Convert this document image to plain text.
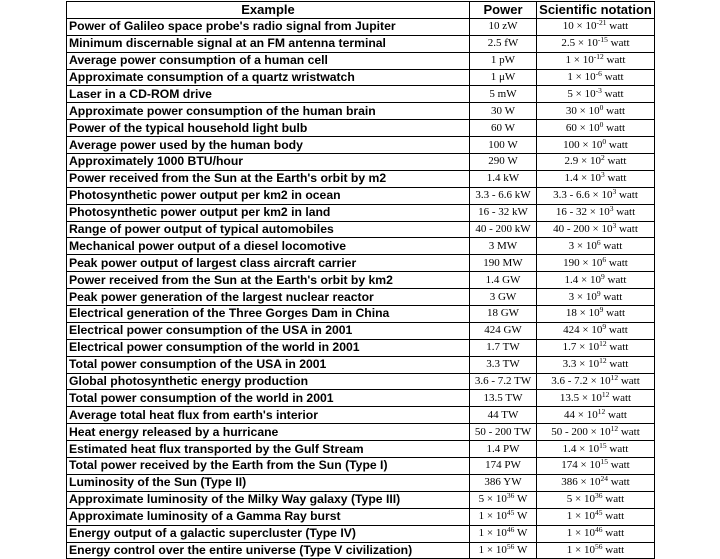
Example	Power	Scientific notation
Power of Galileo space probe's radio signal from Jupiter	10 zW	$10 \times 10^{-21}$ watt
Minimum discernable signal at an FM antenna terminal	2.5 fW	$2.5 \times 10^{-15}$ watt
Average power consumption of a human cell	1 pW	$1 \times 10^{-12}$ watt
Approximate consumption of a quartz wristwatch	1 μW	$1 \times 10^{-6}$ watt
Laser in a CD-ROM drive	5 mW	$5 \times 10^{-3}$ watt
Approximate power consumption of the human brain	30 W	$30 \times 10^0$ watt
Power of the typical household light bulb	60 W	$60 \times 10^0$ watt
Average power used by the human body	100 W	$100 \times 10^0$ watt
Approximately 1000 BTU/hour	290 W	$2.9 \times 10^2$ watt
Power received from the Sun at the Earth's orbit by m2	1.4 kW	$1.4 \times 10^3$ watt
Photosynthetic power output per km2 in ocean	3.3 - 6.6 kW	$3.3 - 6.6 \times 10^3$ watt
Photosynthetic power output per km2 in land	16 - 32 kW	$16 - 32 \times 10^3$ watt
Range of power output of typical automobiles	40 - 200 kW	$40 - 200 \times 10^3$ watt
Mechanical power output of a diesel locomotive	3 MW	$3 \times 10^6$ watt
Peak power output of largest class aircraft carrier	190 MW	$190 \times 10^6$ watt
Power received from the Sun at the Earth's orbit by km2	1.4 GW	$1.4 \times 10^9$ watt
Peak power generation of the largest nuclear reactor	3 GW	$3 \times 10^9$ watt
Electrical generation of the Three Gorges Dam in China	18 GW	$18 \times 10^9$ watt
Electrical power consumption of the USA in 2001	424 GW	$424 \times 10^9$ watt
Electrical power consumption of the world in 2001	1.7 TW	$1.7 \times 10^{12}$ watt
Total power consumption of the USA in 2001	3.3 TW	$3.3 \times 10^{12}$ watt
Global photosynthetic energy production	3.6 - 7.2 TW	$3.6 - 7.2 \times 10^{12}$ watt
Total power consumption of the world in 2001	13.5 TW	$13.5 \times 10^{12}$ watt
Average total heat flux from earth's interior	44 TW	$44 \times 10^{12}$ watt
Heat energy released by a hurricane	50 - 200 TW	$50 - 200 \times 10^{12}$ watt
Estimated heat flux transported by the Gulf Stream	1.4 PW	$1.4 \times 10^{15}$ watt
Total power received by the Earth from the Sun (Type I)	174 PW	$174 \times 10^{15}$ watt
Luminosity of the Sun (Type II)	386 YW	$386 \times 10^{24}$ watt
Approximate luminosity of the Milky Way galaxy (Type III)	$5 \times 10^{36}$ W	$5 \times 10^{36}$ watt
Approximate luminosity of a Gamma Ray burst	$1 \times 10^{45}$ W	$1 \times 10^{45}$ watt
Energy output of a galactic supercluster (Type IV)	$1 \times 10^{46}$ W	$1 \times 10^{46}$ watt
Energy control over the entire universe (Type V civilization)	$1 \times 10^{56}$ W	$1 \times 10^{56}$ watt
